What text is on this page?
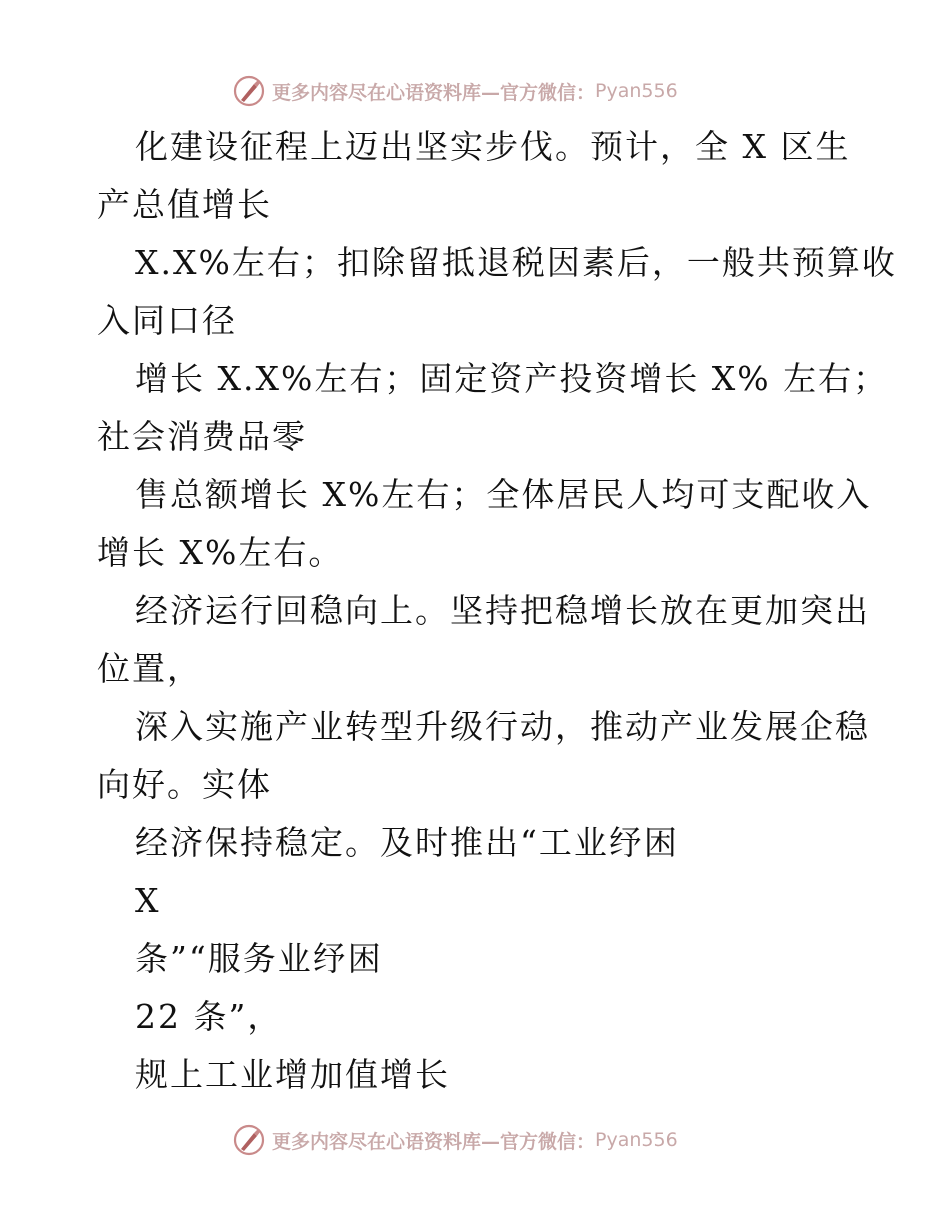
更多内容尽在心语资料库—官方微信： Pyan556
化建设征程上迈出坚实步伐。预计，全 X 区生
产总值增长
X.X%左右；扣除留抵退税因素后，一般共预算收
入同口径
增长 X.X%左右；固定资产投资增长 X% 左右；
社会消费品零
售总额增长 X%左右；全体居民人均可支配收入
增长 X%左右。
经济运行回稳向上。坚持把稳增长放在更加突出
位置，
深入实施产业转型升级行动，推动产业发展企稳
向好。实体
经济保持稳定。及时推出“工业纾困
X
条”“服务业纾困
22 条”，
规上工业增加值增长
更多内容尽在心语资料库—官方微信： Pyan556
